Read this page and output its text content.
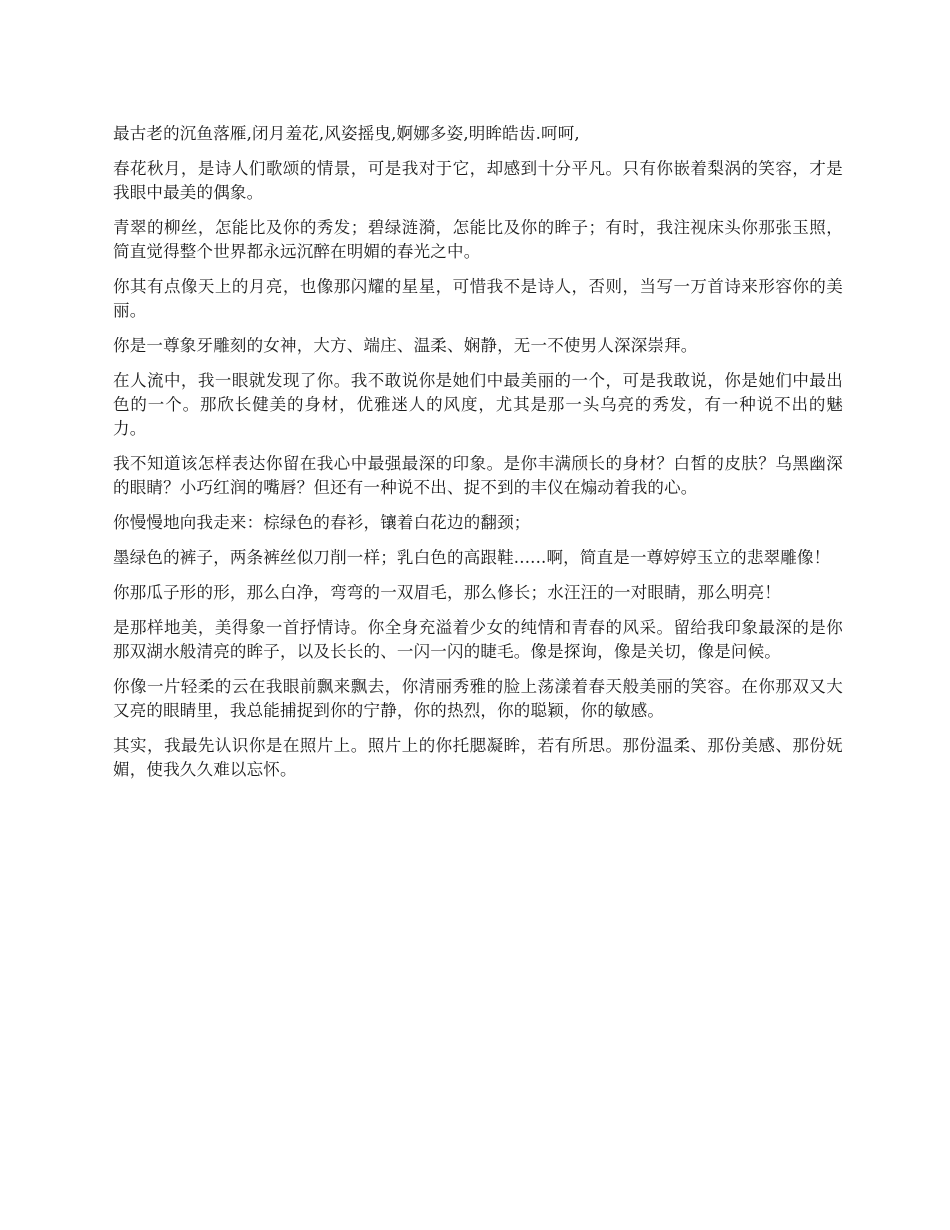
最古老的沉鱼落雁,闭月羞花,风姿摇曳,婀娜多姿,明眸皓齿.呵呵,

春花秋月，是诗人们歌颂的情景，可是我对于它，却感到十分平凡。只有你嵌着梨涡的笑容，才是我眼中最美的偶象。

青翠的柳丝，怎能比及你的秀发；碧绿涟漪，怎能比及你的眸子；有时，我注视床头你那张玉照，简直觉得整个世界都永远沉醉在明媚的春光之中。

你其有点像天上的月亮，也像那闪耀的星星，可惜我不是诗人，否则，当写一万首诗来形容你的美丽。

你是一尊象牙雕刻的女神，大方、端庄、温柔、娴静，无一不使男人深深崇拜。

在人流中，我一眼就发现了你。我不敢说你是她们中最美丽的一个，可是我敢说，你是她们中最出色的一个。那欣长健美的身材，优雅迷人的风度，尤其是那一头乌亮的秀发，有一种说不出的魅力。

我不知道该怎样表达你留在我心中最强最深的印象。是你丰满颀长的身材？白皙的皮肤？乌黑幽深的眼睛？小巧红润的嘴唇？但还有一种说不出、捉不到的丰仪在煽动着我的心。

你慢慢地向我走来：棕绿色的春衫，镶着白花边的翻颈；

墨绿色的裤子，两条裤丝似刀削一样；乳白色的高跟鞋......啊，简直是一尊婷婷玉立的悲翠雕像！

你那瓜子形的形，那么白净，弯弯的一双眉毛，那么修长；水汪汪的一对眼睛，那么明亮！

是那样地美，美得象一首抒情诗。你全身充溢着少女的纯情和青春的风采。留给我印象最深的是你那双湖水般清亮的眸子，以及长长的、一闪一闪的睫毛。像是探询，像是关切，像是问候。

你像一片轻柔的云在我眼前飘来飘去，你清丽秀雅的脸上荡漾着春天般美丽的笑容。在你那双又大又亮的眼睛里，我总能捕捉到你的宁静，你的热烈，你的聪颖，你的敏感。

其实，我最先认识你是在照片上。照片上的你托腮凝眸，若有所思。那份温柔、那份美感、那份妩媚，使我久久难以忘怀。
